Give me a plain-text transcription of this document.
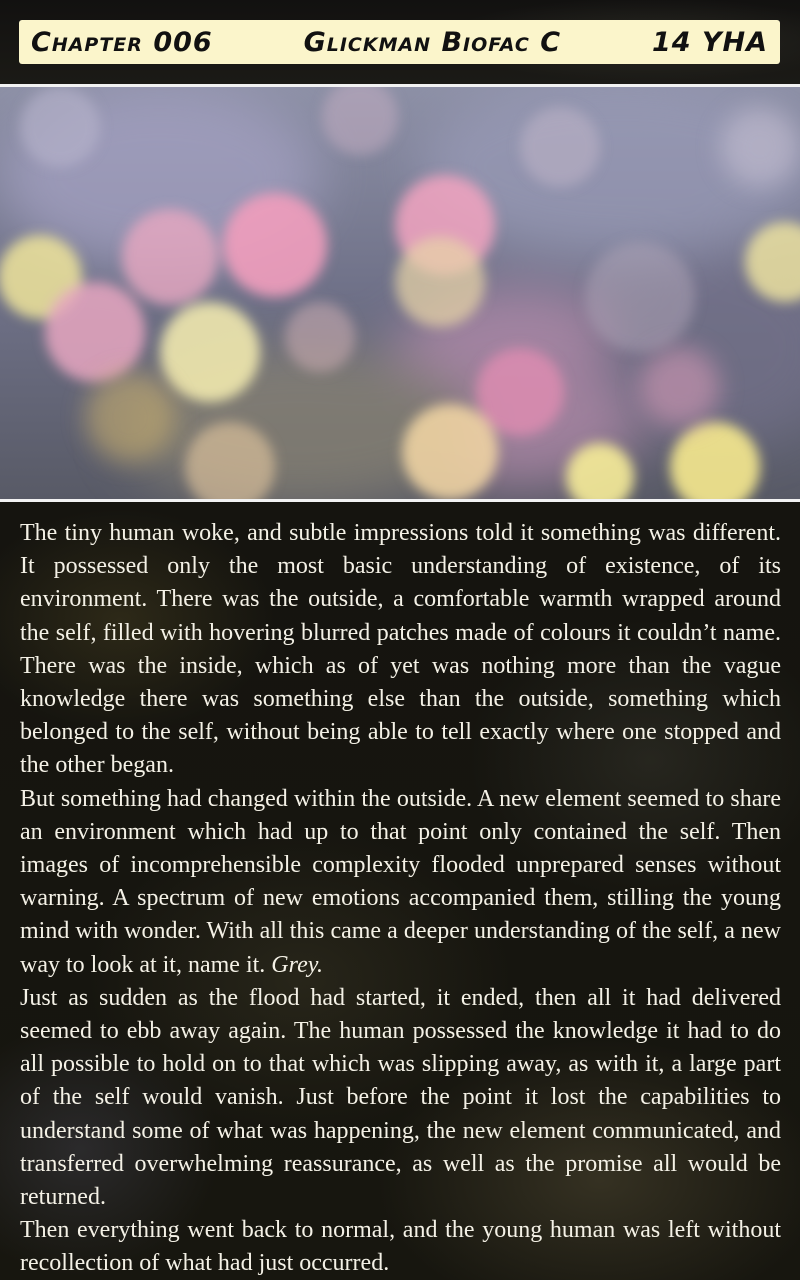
Chapter 006	Glickman Biofac C	14 YHA

The tiny human woke, and subtle impressions told it something was different. It possessed only the most basic understanding of existence, of its environment. There was the outside, a comfortable warmth wrapped around the self, filled with hovering blurred patches made of colours it couldn’t name. There was the inside, which as of yet was nothing more than the vague knowledge there was something else than the outside, something which belonged to the self, without being able to tell exactly where one stopped and the other began.

But something had changed within the outside. A new element seemed to share an environment which had up to that point only contained the self. Then images of incomprehensible complexity flooded unprepared senses without warning. A spectrum of new emotions accompanied them, stilling the young mind with wonder. With all this came a deeper understanding of the self, a new way to look at it, name it. Grey.

Just as sudden as the flood had started, it ended, then all it had delivered seemed to ebb away again. The human possessed the knowledge it had to do all possible to hold on to that which was slipping away, as with it, a large part of the self would vanish. Just before the point it lost the capabilities to understand some of what was happening, the new element communicated, and transferred overwhelming reassurance, as well as the promise all would be returned.

Then everything went back to normal, and the young human was left without recollection of what had just occurred.
